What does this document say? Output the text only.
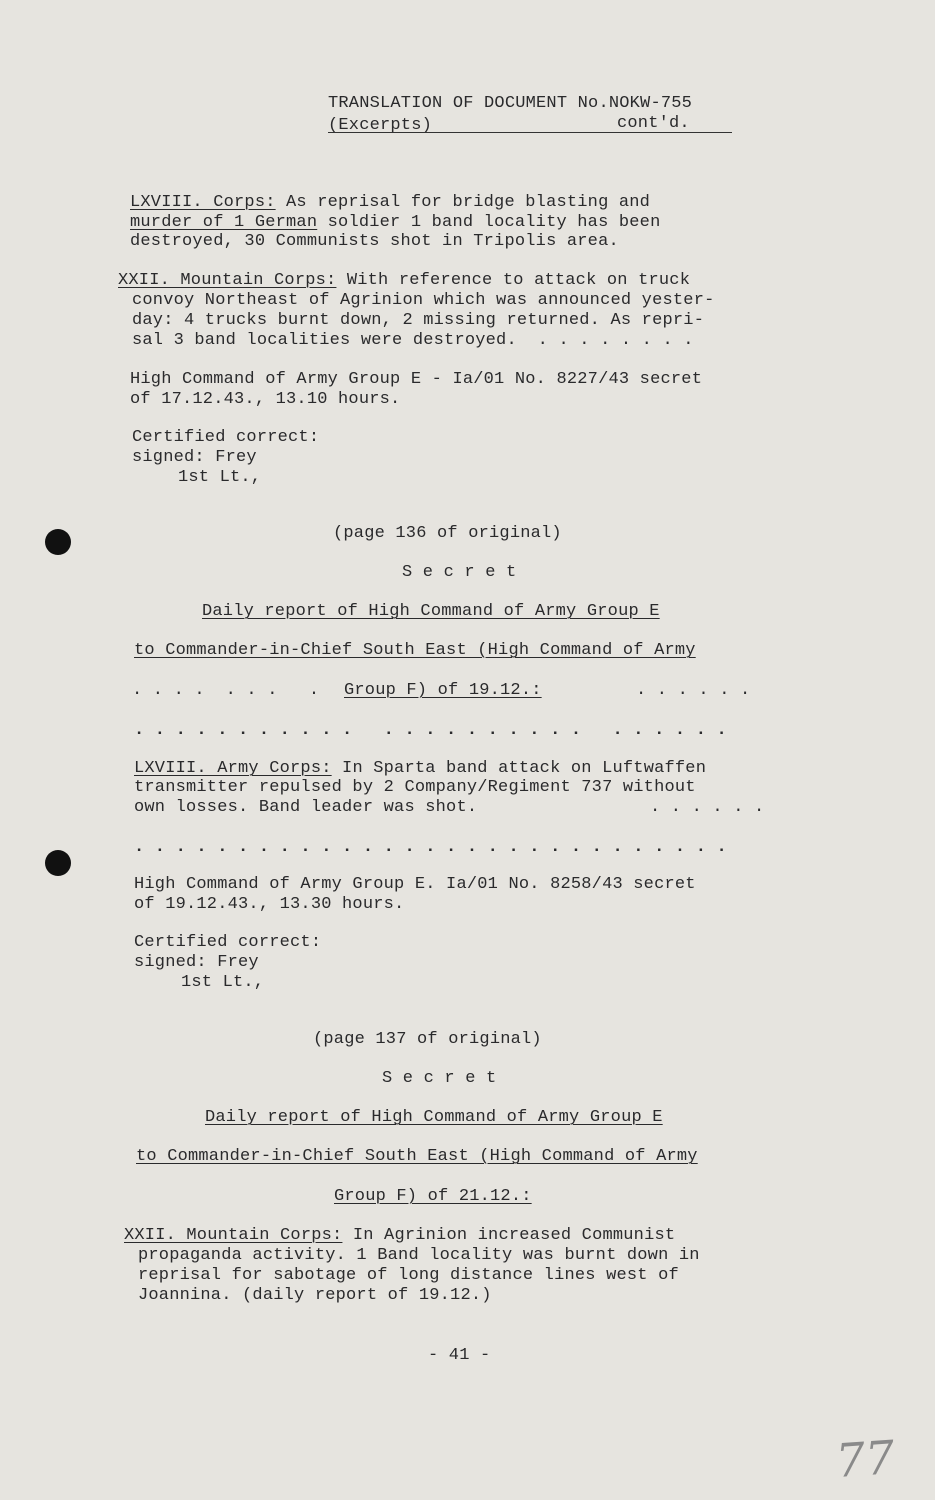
TRANSLATION OF DOCUMENT No.NOKW-755
(Excerpts)	cont'd.
LXVIII. Corps: As reprisal for bridge blasting and
murder of 1 German soldier 1 band locality has been
destroyed, 30 Communists shot in Tripolis area.
XXII. Mountain Corps: With reference to attack on truck
convoy Northeast of Agrinion which was announced yester-
day: 4 trucks burnt down, 2 missing returned. As repri-
sal 3 band localities were destroyed.  . . . . . . . .
High Command of Army Group E - Ia/01 No. 8227/43 secret
of 17.12.43., 13.10 hours.
Certified correct:
signed: Frey
1st Lt.,
(page 136 of original)
S e c r e t
Daily report of High Command of Army Group E
to Commander-in-Chief South East (High Command of Army
. . . .  . . .   . Group F) of 19.12.:	. . . . . .
. . . . . . . . . . .   . . . . . . . . . .   . . . . . .
LXVIII. Army Corps: In Sparta band attack on Luftwaffen
transmitter repulsed by 2 Company/Regiment 737 without
own losses. Band leader was shot.	. . . . . .
. . . . . . . . . . . . . . . . . . . . . . . . . . . . .
High Command of Army Group E. Ia/01 No. 8258/43 secret
of 19.12.43., 13.30 hours.
Certified correct:
signed: Frey
1st Lt.,
(page 137 of original)
S e c r e t
Daily report of High Command of Army Group E
to Commander-in-Chief South East (High Command of Army
Group F) of 21.12.:
XXII. Mountain Corps: In Agrinion increased Communist
propaganda activity. 1 Band locality was burnt down in
reprisal for sabotage of long distance lines west of
Joannina. (daily report of 19.12.)
- 41 -
77
